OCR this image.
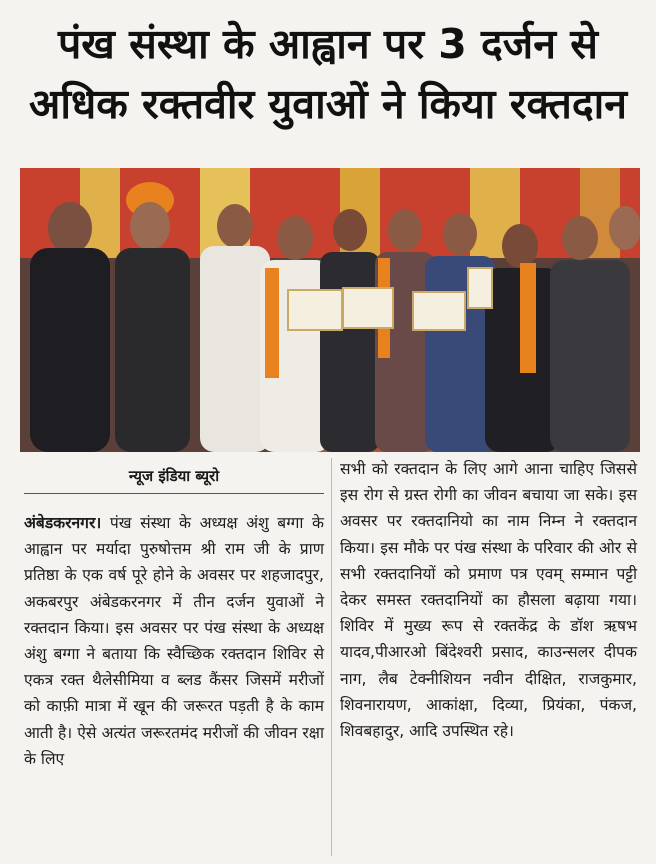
पंख संस्था के आह्वान पर 3 दर्जन से
अधिक रक्तवीर युवाओं ने किया रक्तदान
न्यूज इंडिया ब्यूरो
अंबेडकरनगर। पंख संस्था के अध्यक्ष अंशु बग्गा के आह्वान पर मर्यादा पुरुषोत्तम श्री राम जी के प्राण प्रतिष्ठा के एक वर्ष पूरे होने के अवसर पर शहजादपुर, अकबरपुर अंबेडकरनगर में तीन दर्जन युवाओं ने रक्तदान किया। इस अवसर पर पंख संस्था के अध्यक्ष अंशु बग्गा ने बताया कि स्वैच्छिक रक्तदान शिविर से एकत्र रक्त थैलेसीमिया व ब्लड कैंसर जिसमें मरीजों को काफ़ी मात्रा में खून की जरूरत पड़ती है के काम आती है। ऐसे अत्यंत जरूरतमंद मरीजों की जीवन रक्षा के लिए
सभी को रक्तदान के लिए आगे आना चाहिए जिससे इस रोग से ग्रस्त रोगी का जीवन बचाया जा सके। इस अवसर पर रक्तदानियो का नाम निम्न ने रक्तदान किया। इस मौके पर पंख संस्था के परिवार की ओर से सभी रक्तदानियों को प्रमाण पत्र एवम् सम्मान पट्टी देकर समस्त रक्तदानियों का हौसला बढ़ाया गया। शिविर में मुख्य रूप से रक्तकेंद्र के डॉश ऋषभ यादव,पीआरओ बिंदेश्वरी प्रसाद, काउन्सलर दीपक नाग, लैब टेक्नीशियन नवीन दीक्षित, राजकुमार, शिवनारायण, आकांक्षा, दिव्या, प्रियंका, पंकज, शिवबहादुर, आदि उपस्थित रहे।
